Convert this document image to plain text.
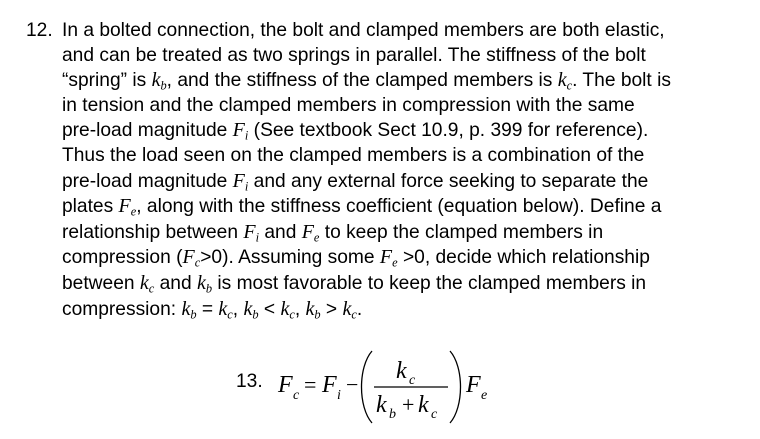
12. In a bolted connection, the bolt and clamped members are both elastic,
and can be treated as two springs in parallel. The stiffness of the bolt
“spring” is $k_b$, and the stiffness of the clamped members is $k_c$. The bolt is
in tension and the clamped members in compression with the same
pre-load magnitude $F_i$ (See textbook Sect 10.9, p. 399 for reference).
Thus the load seen on the clamped members is a combination of the
pre-load magnitude $F_i$ and any external force seeking to separate the
plates $F_e$, along with the stiffness coefficient (equation below). Define a
relationship between $F_i$ and $F_e$ to keep the clamped members in
compression $(F_c>0)$. Assuming some $F_e >0$, decide which relationship
between $k_c$ and $k_b$ is most favorable to keep the clamped members in
compression: $k_b = k_c$, $k_b < k_c$, $k_b > k_c$.
13. F c = F i −
k c
k b + k c
F e
